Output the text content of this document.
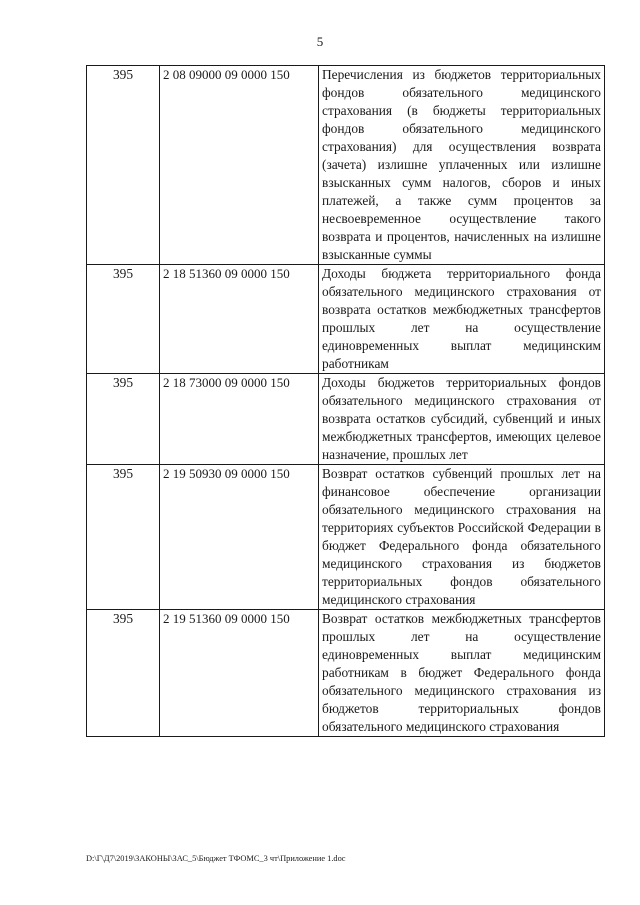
5
395	2 08 09000 09 0000 150	Перечисления из бюджетов территориальных фондов обязательного медицинского страхования (в бюджеты территориальных фондов обязательного медицинского страхования) для осуществления возврата (зачета) излишне уплаченных или излишне взысканных сумм налогов, сборов и иных платежей, а также сумм процентов за несвоевременное осуществление такого возврата и процентов, начисленных на излишне взысканные суммы
395	2 18 51360 09 0000 150	Доходы бюджета территориального фонда обязательного медицинского страхования от возврата остатков межбюджетных трансфертов прошлых лет на осуществление единовременных выплат медицинским работникам
395	2 18 73000 09 0000 150	Доходы бюджетов территориальных фондов обязательного медицинского страхования от возврата остатков субсидий, субвенций и иных межбюджетных трансфертов, имеющих целевое назначение, прошлых лет
395	2 19 50930 09 0000 150	Возврат остатков субвенций прошлых лет на финансовое обеспечение организации обязательного медицинского страхования на территориях субъектов Российской Федерации в бюджет Федерального фонда обязательного медицинского страхования из бюджетов территориальных фондов обязательного медицинского страхования
395	2 19 51360 09 0000 150	Возврат остатков межбюджетных трансфертов прошлых лет на осуществление единовременных выплат медицинским работникам в бюджет Федерального фонда обязательного медицинского страхования из бюджетов территориальных фондов обязательного медицинского страхования
D:\Г\Д7\2019\ЗАКОНЫ\ЗАС_5\Бюджет ТФОМС_3 чт\Приложение 1.doc
